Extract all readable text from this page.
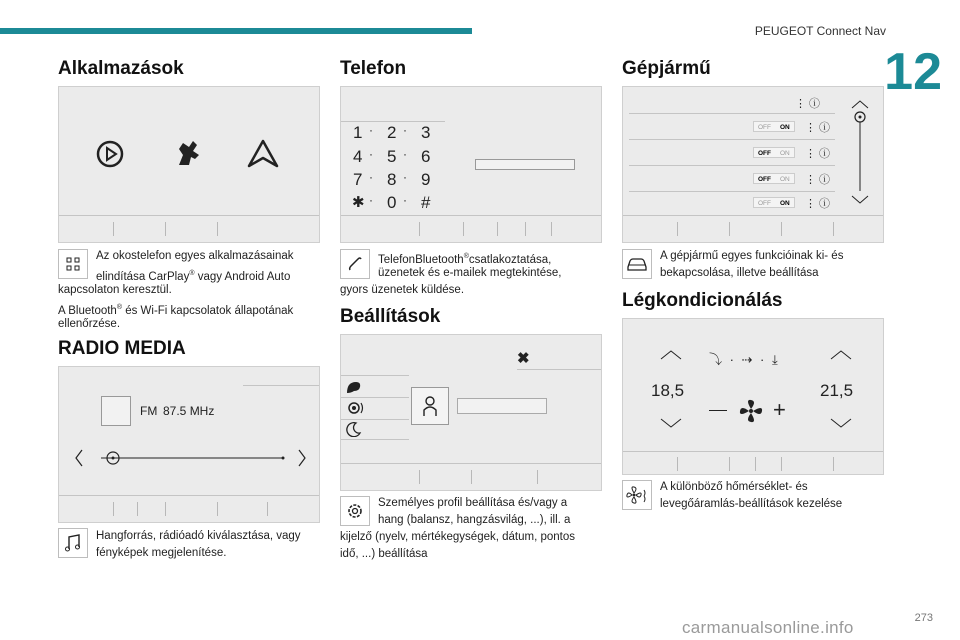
PEUGEOT Connect Nav
12
Alkalmazások
Az okostelefon egyes alkalmazásainak
elindítása CarPlay® vagy Android Auto
kapcsolaton keresztül.
A Bluetooth® és Wi-Fi kapcsolatok állapotának
ellenőrzése.
RADIO MEDIA
FM 87.5 MHz
Hangforrás, rádióadó kiválasztása, vagy
fényképek megjelenítése.
Telefon
1 · 2 · 3
4 · 5 · 6
7 · 8 · 9
✱ · 0 · #
TelefonBluetooth®csatlakoztatása,
üzenetek és e-mailek megtekintése,
gyors üzenetek küldése.
Beállítások
✖
Személyes profil beállítása és/vagy a
hang (balansz, hangzásvilág, ...), ill. a
kijelző (nyelv, mértékegységek, dátum, pontos
idő, ...) beállítása
Gépjármű
⋮ ⓘ
OFF ON ⋮ ⓘ
OFF ON ⋮ ⓘ
OFF ON ⋮ ⓘ
OFF ON ⋮ ⓘ
A gépjármű egyes funkcióinak ki- és
bekapcsolása, illetve beállítása
Légkondicionálás
⤵ · ⇢ · ⤓
18,5	21,5
+
A különböző hőmérséklet- és
levegőáramlás-beállítások kezelése
273
carmanualsonline.info
